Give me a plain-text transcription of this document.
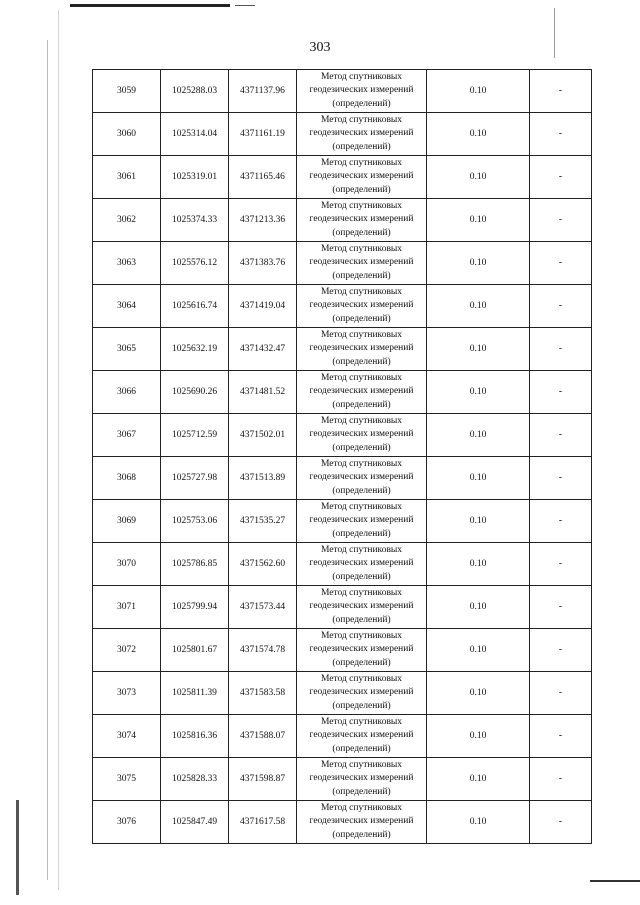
303
3059	1025288.03	4371137.96	Метод спутниковых
геодезических измерений
(определений)	0.10	-
3060	1025314.04	4371161.19	Метод спутниковых
геодезических измерений
(определений)	0.10	-
3061	1025319.01	4371165.46	Метод спутниковых
геодезических измерений
(определений)	0.10	-
3062	1025374.33	4371213.36	Метод спутниковых
геодезических измерений
(определений)	0.10	-
3063	1025576.12	4371383.76	Метод спутниковых
геодезических измерений
(определений)	0.10	-
3064	1025616.74	4371419.04	Метод спутниковых
геодезических измерений
(определений)	0.10	-
3065	1025632.19	4371432.47	Метод спутниковых
геодезических измерений
(определений)	0.10	-
3066	1025690.26	4371481.52	Метод спутниковых
геодезических измерений
(определений)	0.10	-
3067	1025712.59	4371502.01	Метод спутниковых
геодезических измерений
(определений)	0.10	-
3068	1025727.98	4371513.89	Метод спутниковых
геодезических измерений
(определений)	0.10	-
3069	1025753.06	4371535.27	Метод спутниковых
геодезических измерений
(определений)	0.10	-
3070	1025786.85	4371562.60	Метод спутниковых
геодезических измерений
(определений)	0.10	-
3071	1025799.94	4371573.44	Метод спутниковых
геодезических измерений
(определений)	0.10	-
3072	1025801.67	4371574.78	Метод спутниковых
геодезических измерений
(определений)	0.10	-
3073	1025811.39	4371583.58	Метод спутниковых
геодезических измерений
(определений)	0.10	-
3074	1025816.36	4371588.07	Метод спутниковых
геодезических измерений
(определений)	0.10	-
3075	1025828.33	4371598.87	Метод спутниковых
геодезических измерений
(определений)	0.10	-
3076	1025847.49	4371617.58	Метод спутниковых
геодезических измерений
(определений)	0.10	-
